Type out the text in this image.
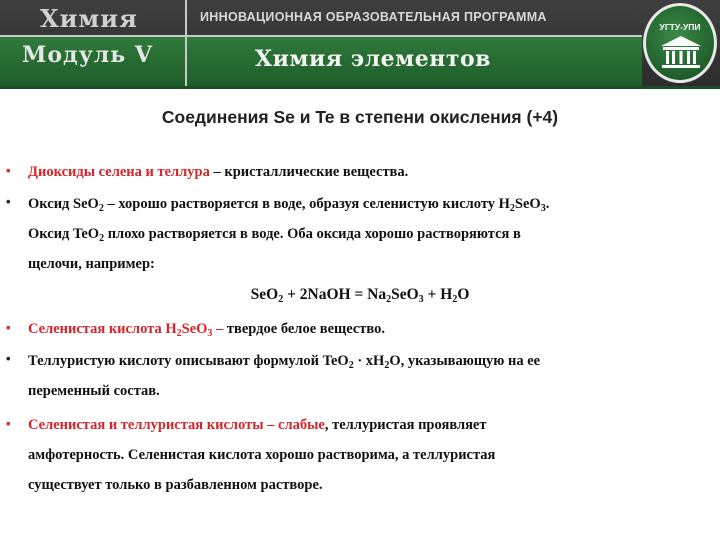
Химия
Модуль V
ИННОВАЦИОННАЯ ОБРАЗОВАТЕЛЬНАЯ ПРОГРАММА
Химия элементов
УГТУ-УПИ
Соединения Se и Te в степени окисления (+4)
• Диоксиды селена и теллура – кристаллические вещества.
• Оксид SeO$_2$ – хорошо растворяется в воде, образуя селенистую кислоту $H_2SeO_3$.
Оксид TeO$_2$ плохо растворяется в воде. Оба оксида хорошо растворяются в
щелочи, например:
SeO$_2$ + 2NaOH = $Na_2SeO_3 + H_2O$
• Селенистая кислота $H_2SeO_3$ – твердое белое вещество.
• Теллуристую кислоту описывают формулой $TeO_2 \cdot xH_2O$, указывающую на ее
переменный состав.
• Селенистая и теллуристая кислоты – слабые, теллуристая проявляет
амфотерность. Селенистая кислота хорошо растворима, а теллуристая
существует только в разбавленном растворе.
